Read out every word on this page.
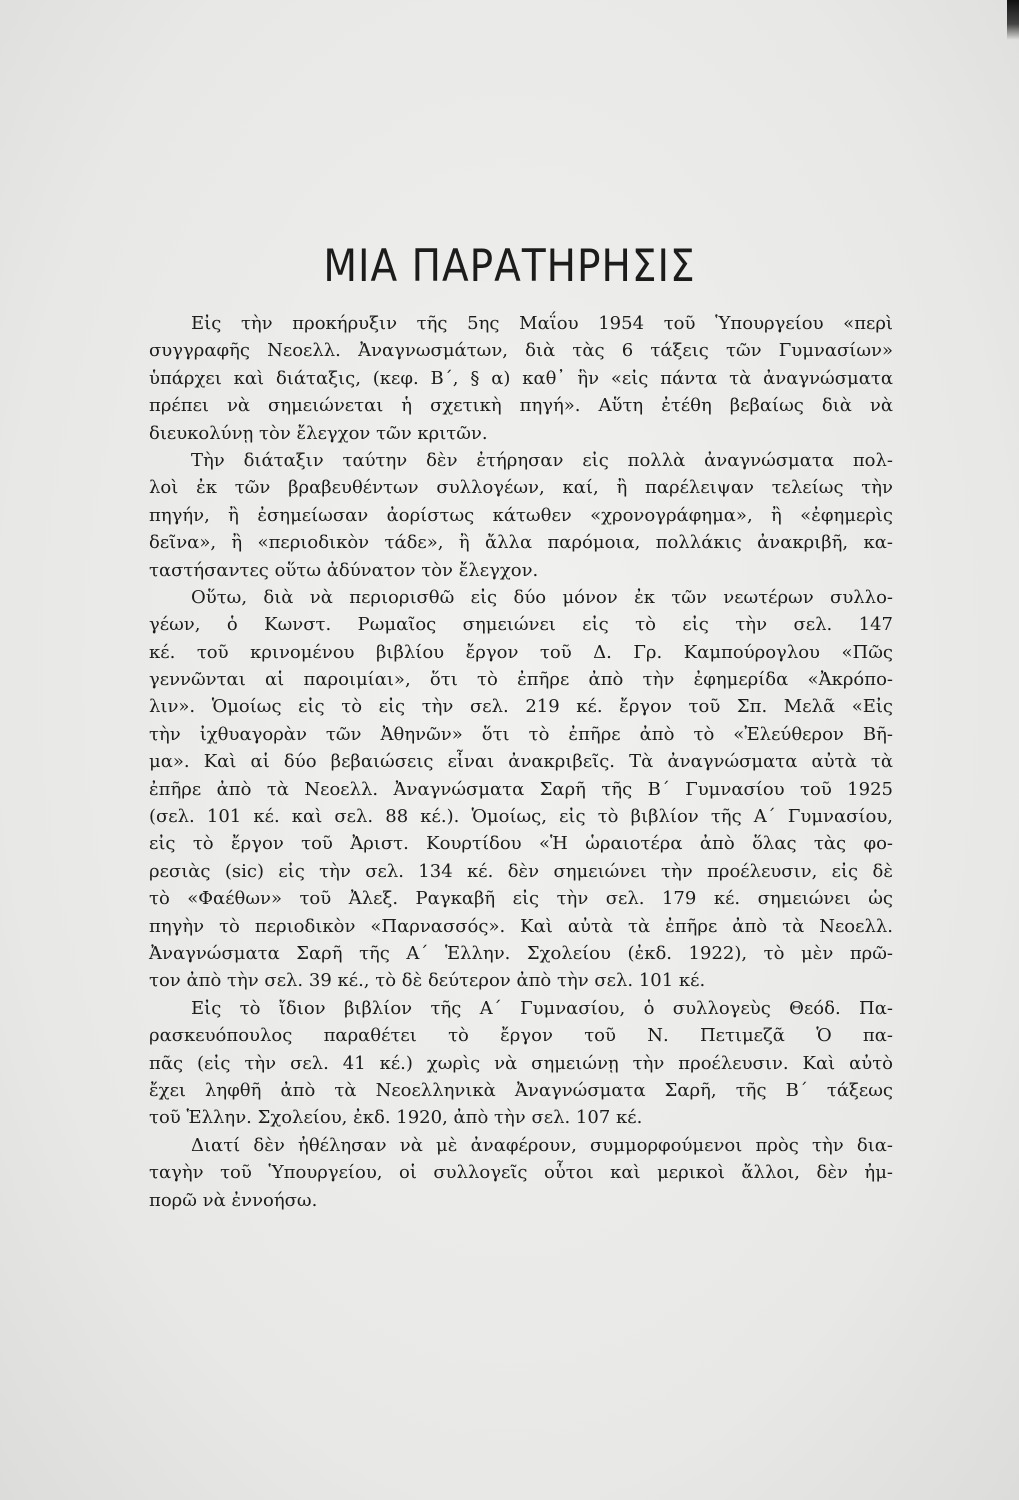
ΜΙΑ ΠΑΡΑΤΗΡΗΣΙΣ
Εἰς τὴν προκήρυξιν τῆς 5ης Μαΐου 1954 τοῦ Ὑπουργείου «περὶ
συγγραφῆς Νεοελλ. Ἀναγνωσμάτων, διὰ τὰς 6 τάξεις τῶν Γυμνασίων»
ὑπάρχει καὶ διάταξις, (κεφ. Β´, § α) καθ᾽ ἣν «εἰς πάντα τὰ ἀναγνώσματα
πρέπει νὰ σημειώνεται ἡ σχετικὴ πηγή». Αὕτη ἐτέθη βεβαίως διὰ νὰ
διευκολύνῃ τὸν ἔλεγχον τῶν κριτῶν.
Τὴν διάταξιν ταύτην δὲν ἐτήρησαν εἰς πολλὰ ἀναγνώσματα πολ-
λοὶ ἐκ τῶν βραβευθέντων συλλογέων, καί, ἢ παρέλειψαν τελείως τὴν
πηγήν, ἢ ἐσημείωσαν ἀορίστως κάτωθεν «χρονογράφημα», ἢ «ἐφημερὶς
δεῖνα», ἢ «περιοδικὸν τάδε», ἢ ἄλλα παρόμοια, πολλάκις ἀνακριβῆ, κα-
ταστήσαντες οὕτω ἀδύνατον τὸν ἔλεγχον.
Οὕτω, διὰ νὰ περιορισθῶ εἰς δύο μόνον ἐκ τῶν νεωτέρων συλλο-
γέων, ὁ Κωνστ. Ρωμαῖος σημειώνει εἰς τὸ εἰς τὴν σελ. 147
κέ. τοῦ κρινομένου βιβλίου ἔργον τοῦ Δ. Γρ. Καμπούρογλου «Πῶς
γεννῶνται αἱ παροιμίαι», ὅτι τὸ ἐπῆρε ἀπὸ τὴν ἐφημερίδα «Ἀκρόπο-
λιν». Ὁμοίως εἰς τὸ εἰς τὴν σελ. 219 κέ. ἔργον τοῦ Σπ. Μελᾶ «Εἰς
τὴν ἰχθυαγορὰν τῶν Ἀθηνῶν» ὅτι τὸ ἐπῆρε ἀπὸ τὸ «Ἐλεύθερον Βῆ-
μα». Καὶ αἱ δύο βεβαιώσεις εἶναι ἀνακριβεῖς. Τὰ ἀναγνώσματα αὐτὰ τὰ
ἐπῆρε ἀπὸ τὰ Νεοελλ. Ἀναγνώσματα Σαρῆ τῆς Β´ Γυμνασίου τοῦ 1925
(σελ. 101 κέ. καὶ σελ. 88 κέ.). Ὁμοίως, εἰς τὸ βιβλίον τῆς Α´ Γυμνασίου,
εἰς τὸ ἔργον τοῦ Ἀριστ. Κουρτίδου «Ἡ ὡραιοτέρα ἀπὸ ὅλας τὰς φο-
ρεσιὰς (sic) εἰς τὴν σελ. 134 κέ. δὲν σημειώνει τὴν προέλευσιν, εἰς δὲ
τὸ «Φαέθων» τοῦ Ἀλεξ. Ραγκαβῆ εἰς τὴν σελ. 179 κέ. σημειώνει ὡς
πηγὴν τὸ περιοδικὸν «Παρνασσός». Καὶ αὐτὰ τὰ ἐπῆρε ἀπὸ τὰ Νεοελλ.
Ἀναγνώσματα Σαρῆ τῆς Α´ Ἑλλην. Σχολείου (ἐκδ. 1922), τὸ μὲν πρῶ-
τον ἀπὸ τὴν σελ. 39 κέ., τὸ δὲ δεύτερον ἀπὸ τὴν σελ. 101 κέ.
Εἰς τὸ ἴδιον βιβλίον τῆς Α´ Γυμνασίου, ὁ συλλογεὺς Θεόδ. Πα-
ρασκευόπουλος παραθέτει τὸ ἔργον τοῦ Ν. Πετιμεζᾶ Ὁ πα-
πᾶς (εἰς τὴν σελ. 41 κέ.) χωρὶς νὰ σημειώνῃ τὴν προέλευσιν. Καὶ αὐτὸ
ἔχει ληφθῆ ἀπὸ τὰ Νεοελληνικὰ Ἀναγνώσματα Σαρῆ, τῆς Β´ τάξεως
τοῦ Ἑλλην. Σχολείου, ἐκδ. 1920, ἀπὸ τὴν σελ. 107 κέ.
Διατί δὲν ἠθέλησαν νὰ μὲ ἀναφέρουν, συμμορφούμενοι πρὸς τὴν δια-
ταγὴν τοῦ Ὑπουργείου, οἱ συλλογεῖς οὗτοι καὶ μερικοὶ ἄλλοι, δὲν ἠμ-
πορῶ νὰ ἐννοήσω.
